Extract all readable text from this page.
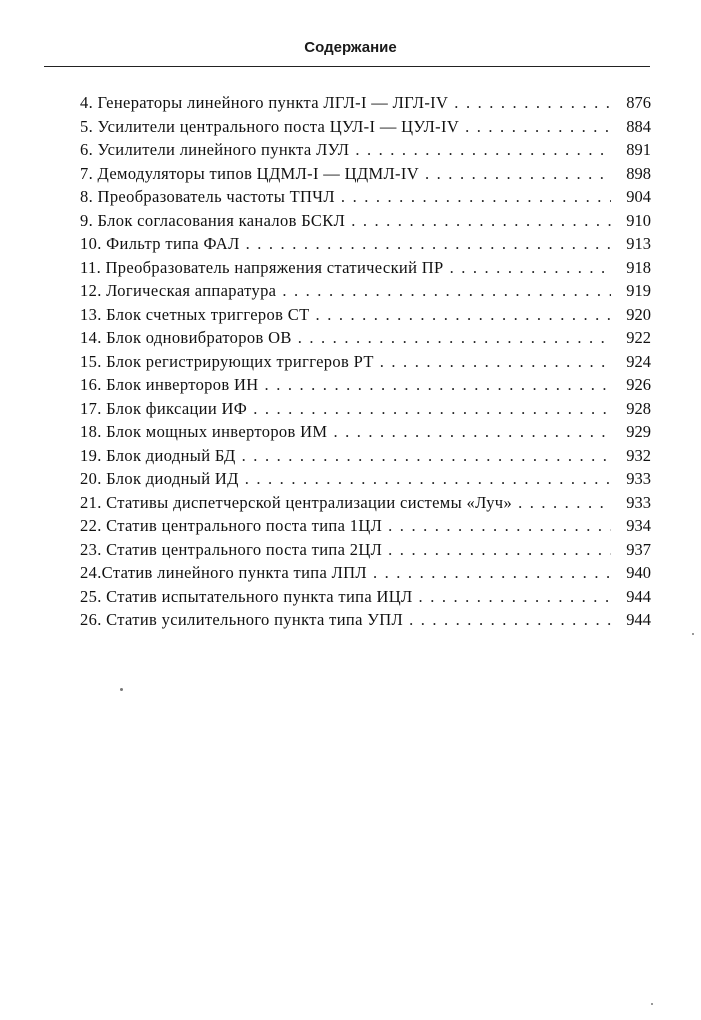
Содержание
4. Генераторы линейного пункта ЛГЛ-I — ЛГЛ-IV . . .	876
5. Усилители центрального поста ЦУЛ-I — ЦУЛ-IV . . .	884
6. Усилители линейного пункта ЛУЛ . . .	891
7. Демодуляторы типов ЦДМЛ-I — ЦДМЛ-IV . . .	898
8. Преобразователь частоты ТПЧЛ . . .	904
9. Блок согласования каналов БСКЛ . . .	910
10. Фильтр типа ФАЛ . . .	913
11. Преобразователь напряжения статический ПР . . .	918
12. Логическая аппаратура . . .	919
13. Блок счетных триггеров СТ . . .	920
14. Блок одновибраторов ОВ . . .	922
15. Блок регистрирующих триггеров РТ . . .	924
16. Блок инверторов ИН . . .	926
17. Блок фиксации ИФ . . .	928
18. Блок мощных инверторов ИМ . . .	929
19. Блок диодный БД . . .	932
20. Блок диодный ИД . . .	933
21. Стативы диспетчерской централизации системы «Луч» . . .	933
22. Статив центрального поста типа 1ЦЛ . . .	934
23. Статив центрального поста типа 2ЦЛ . . .	937
24.Статив линейного пункта типа ЛПЛ . . .	940
25. Статив испытательного пункта типа ИЦЛ . . .	944
26. Статив усилительного пункта типа УПЛ . . .	944
